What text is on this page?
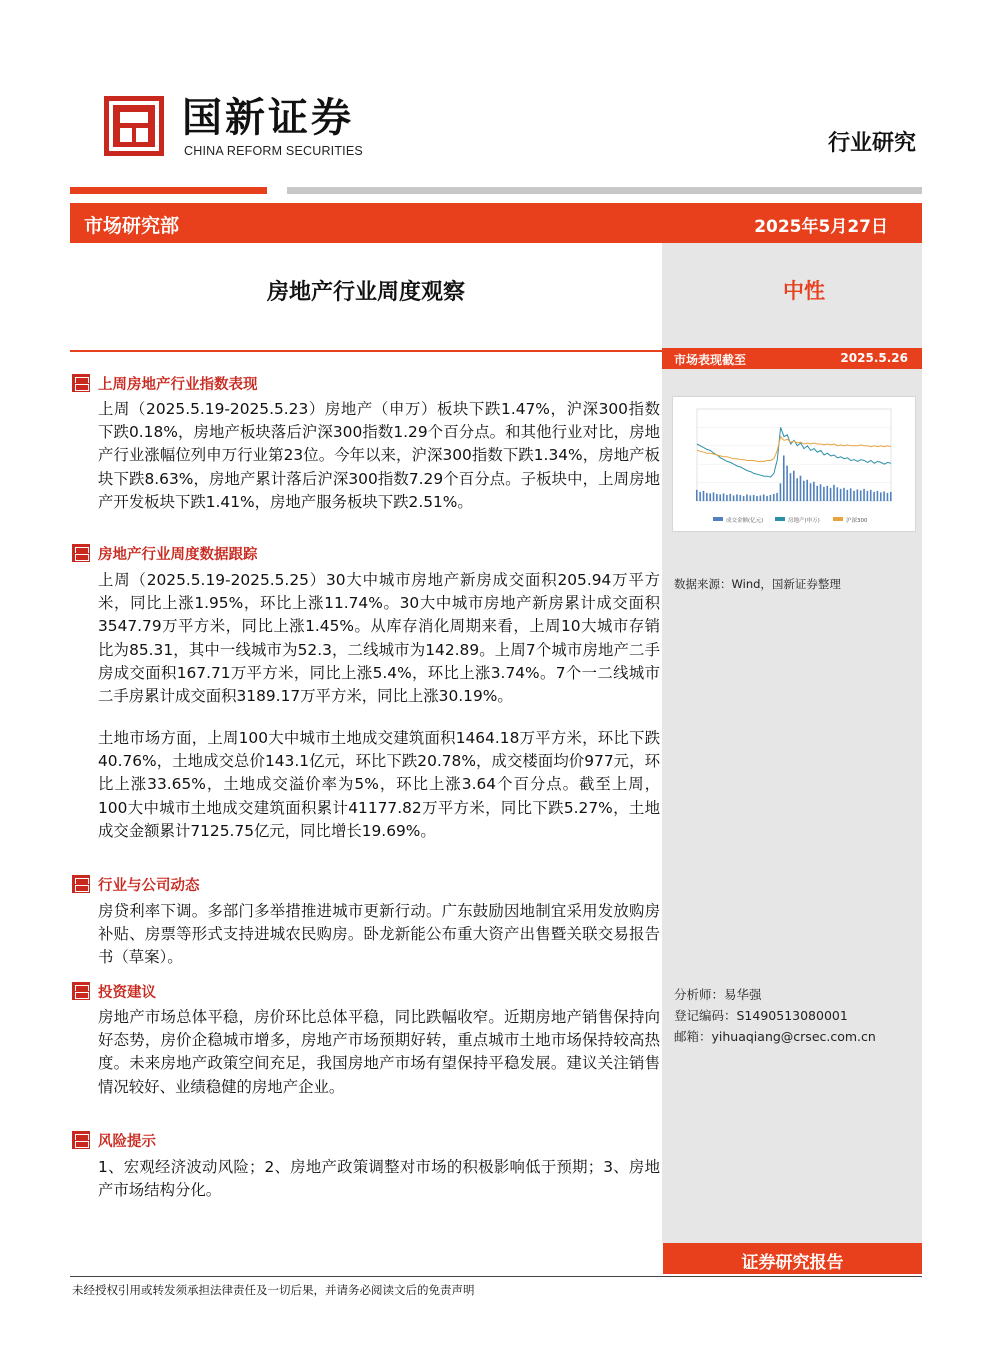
国新证券
CHINA REFORM SECURITIES	行业研究
市场研究部	2025年5月27日
中性
房地产行业周度观察
市场表现截至	2025.5.26
成交金额(亿元)	房地产(申万)	沪深300
数据来源：Wind，国新证券整理
分析师：易华强
登记编码：S1490513080001
邮箱：yihuaqiang@crsec.com.cn
上周房地产行业指数表现
上周（2025.5.19-2025.5.23）房地产（申万）板块下跌1.47%，沪深300指数下跌0.18%，房地产板块落后沪深300指数1.29个百分点。和其他行业对比，房地产行业涨幅位列申万行业第23位。今年以来，沪深300指数下跌1.34%，房地产板块下跌8.63%，房地产累计落后沪深300指数7.29个百分点。子板块中，上周房地产开发板块下跌1.41%，房地产服务板块下跌2.51%。
房地产行业周度数据跟踪
上周（2025.5.19-2025.5.25）30大中城市房地产新房成交面积205.94万平方米，同比上涨1.95%，环比上涨11.74%。30大中城市房地产新房累计成交面积3547.79万平方米，同比上涨1.45%。从库存消化周期来看，上周10大城市存销比为85.31，其中一线城市为52.3，二线城市为142.89。上周7个城市房地产二手房成交面积167.71万平方米，同比上涨5.4%，环比上涨3.74%。7个一二线城市二手房累计成交面积3189.17万平方米，同比上涨30.19%。
土地市场方面，上周100大中城市土地成交建筑面积1464.18万平方米，环比下跌40.76%，土地成交总价143.1亿元，环比下跌20.78%，成交楼面均价977元，环比上涨33.65%，土地成交溢价率为5%，环比上涨3.64个百分点。截至上周，100大中城市土地成交建筑面积累计41177.82万平方米，同比下跌5.27%，土地成交金额累计7125.75亿元，同比增长19.69%。
行业与公司动态
房贷利率下调。多部门多举措推进城市更新行动。广东鼓励因地制宜采用发放购房补贴、房票等形式支持进城农民购房。卧龙新能公布重大资产出售暨关联交易报告书（草案）。
投资建议
房地产市场总体平稳，房价环比总体平稳，同比跌幅收窄。近期房地产销售保持向好态势，房价企稳城市增多，房地产市场预期好转，重点城市土地市场保持较高热度。未来房地产政策空间充足，我国房地产市场有望保持平稳发展。建议关注销售情况较好、业绩稳健的房地产企业。
风险提示
1、宏观经济波动风险；2、房地产政策调整对市场的积极影响低于预期；3、房地产市场结构分化。
证券研究报告
未经授权引用或转发须承担法律责任及一切后果，并请务必阅读文后的免责声明
